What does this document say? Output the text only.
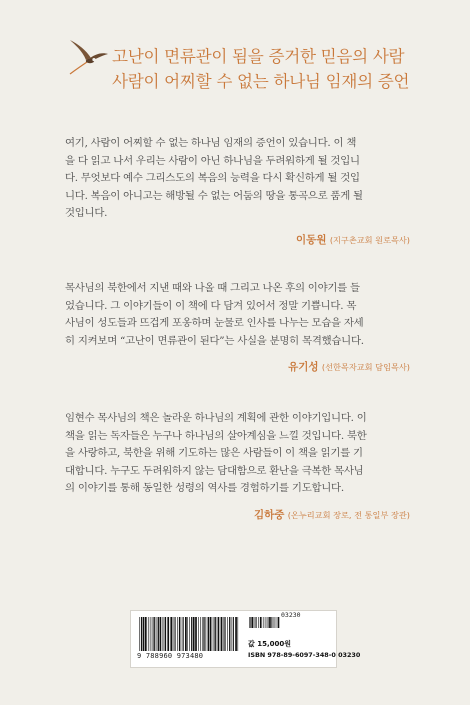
고난이 면류관이 됨을 증거한 믿음의 사람
사람이 어찌할 수 없는 하나님 임재의 증언

여기, 사람이 어찌할 수 없는 하나님 임재의 증언이 있습니다. 이 책
을 다 읽고 나서 우리는 사람이 아닌 하나님을 두려워하게 될 것입니
다. 무엇보다 예수 그리스도의 복음의 능력을 다시 확신하게 될 것입
니다. 복음이 아니고는 해방될 수 없는 어둠의 땅을 통곡으로 품게 될
것입니다.

이동원 (지구촌교회 원로목사)

목사님의 북한에서 지낸 때와 나올 때 그리고 나온 후의 이야기를 들
었습니다. 그 이야기들이 이 책에 다 담겨 있어서 정말 기쁩니다. 목
사님이 성도들과 뜨겁게 포옹하며 눈물로 인사를 나누는 모습을 자세
히 지켜보며 “고난이 면류관이 된다”는 사실을 분명히 목격했습니다.

유기성 (선한목자교회 담임목사)

임현수 목사님의 책은 놀라운 하나님의 계획에 관한 이야기입니다. 이
책을 읽는 독자들은 누구나 하나님의 살아계심을 느낄 것입니다. 북한
을 사랑하고, 북한을 위해 기도하는 많은 사람들이 이 책을 읽기를 기
대합니다. 누구도 두려워하지 않는 담대함으로 환난을 극복한 목사님
의 이야기를 통해 동일한 성령의 역사를 경험하기를 기도합니다.

김하중 (온누리교회 장로, 전 통일부 장관)
03230
9 788960 973480
값 15,000원
ISBN 978-89-6097-348-0 03230
